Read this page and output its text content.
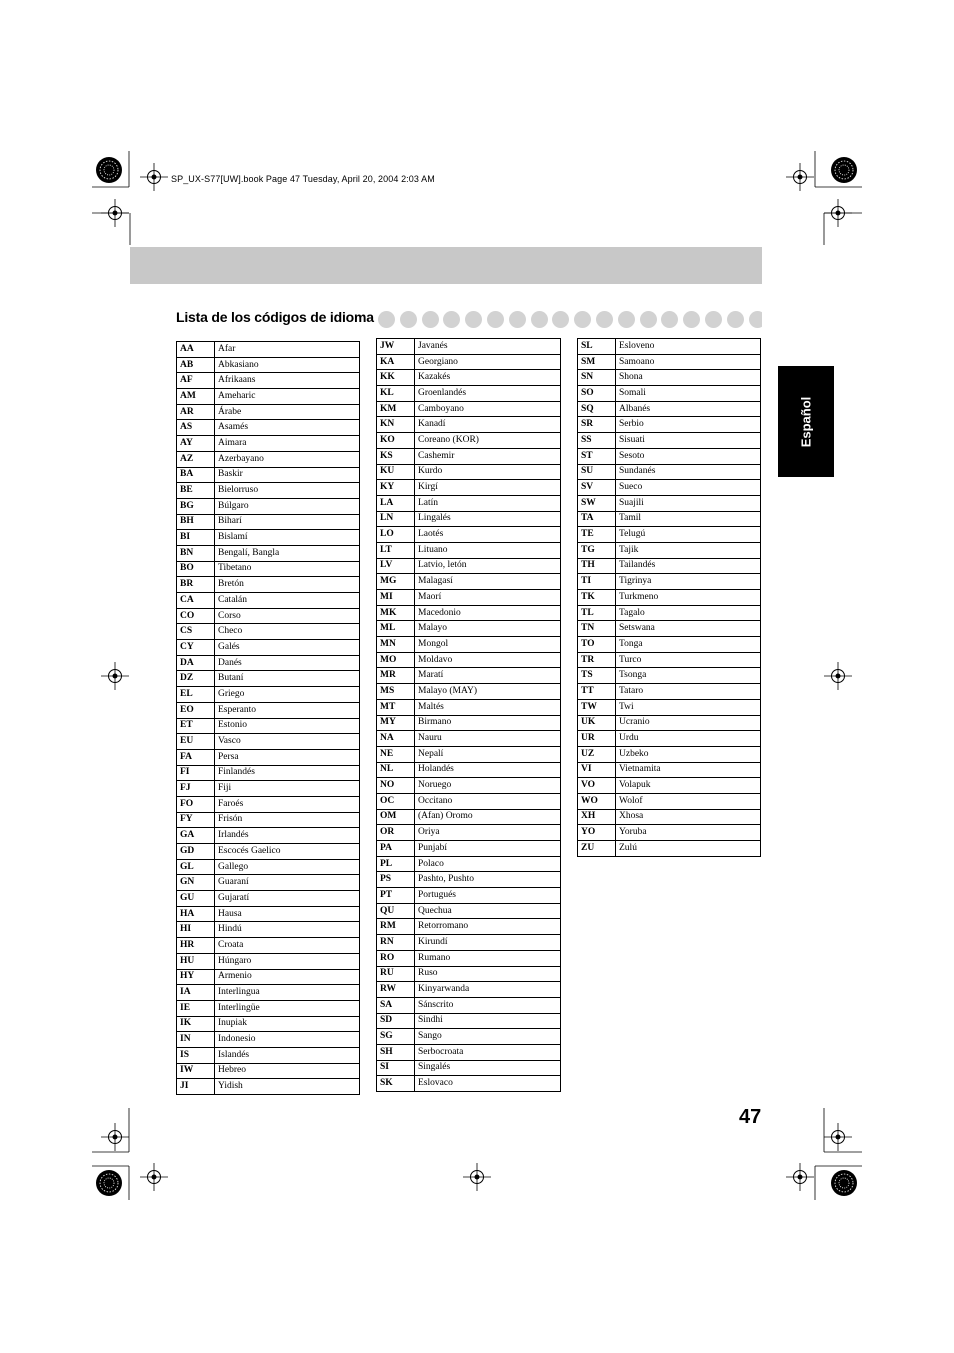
SP_UX-S77[UW].book Page 47 Tuesday, April 20, 2004 2:03 AM
Lista de los códigos de idioma
AA	Afar
AB	Abkasiano
AF	Afrikaans
AM	Ameharic
AR	Árabe
AS	Asamés
AY	Aimara
AZ	Azerbayano
BA	Baskir
BE	Bielorruso
BG	Búlgaro
BH	Biharí
BI	Bislamí
BN	Bengalí, Bangla
BO	Tibetano
BR	Bretón
CA	Catalán
CO	Corso
CS	Checo
CY	Galés
DA	Danés
DZ	Butaní
EL	Griego
EO	Esperanto
ET	Estonio
EU	Vasco
FA	Persa
FI	Finlandés
FJ	Fiji
FO	Faroés
FY	Frisón
GA	Irlandés
GD	Escocés Gaelico
GL	Gallego
GN	Guaraní
GU	Gujaratí
HA	Hausa
HI	Hindú
HR	Croata
HU	Húngaro
HY	Armenio
IA	Interlingua
IE	Interlingüe
IK	Inupiak
IN	Indonesio
IS	Islandés
IW	Hebreo
JI	Yidish
JW	Javanés
KA	Georgiano
KK	Kazakés
KL	Groenlandés
KM	Camboyano
KN	Kanadí
KO	Coreano (KOR)
KS	Cashemir
KU	Kurdo
KY	Kirgí
LA	Latín
LN	Lingalés
LO	Laotés
LT	Lituano
LV	Latvio, letón
MG	Malagasí
MI	Maorí
MK	Macedonio
ML	Malayo
MN	Mongol
MO	Moldavo
MR	Maratí
MS	Malayo (MAY)
MT	Maltés
MY	Birmano
NA	Nauru
NE	Nepalí
NL	Holandés
NO	Noruego
OC	Occitano
OM	(Afan) Oromo
OR	Oriya
PA	Punjabí
PL	Polaco
PS	Pashto, Pushto
PT	Portugués
QU	Quechua
RM	Retorromano
RN	Kirundí
RO	Rumano
RU	Ruso
RW	Kinyarwanda
SA	Sánscrito
SD	Sindhi
SG	Sango
SH	Serbocroata
SI	Singalés
SK	Eslovaco
SL	Esloveno
SM	Samoano
SN	Shona
SO	Somali
SQ	Albanés
SR	Serbio
SS	Sisuati
ST	Sesoto
SU	Sundanés
SV	Sueco
SW	Suajili
TA	Tamil
TE	Telugú
TG	Tajik
TH	Tailandés
TI	Tigrinya
TK	Turkmeno
TL	Tagalo
TN	Setswana
TO	Tonga
TR	Turco
TS	Tsonga
TT	Tataro
TW	Twi
UK	Ucranio
UR	Urdu
UZ	Uzbeko
VI	Vietnamita
VO	Volapuk
WO	Wolof
XH	Xhosa
YO	Yoruba
ZU	Zulú
Español
47
